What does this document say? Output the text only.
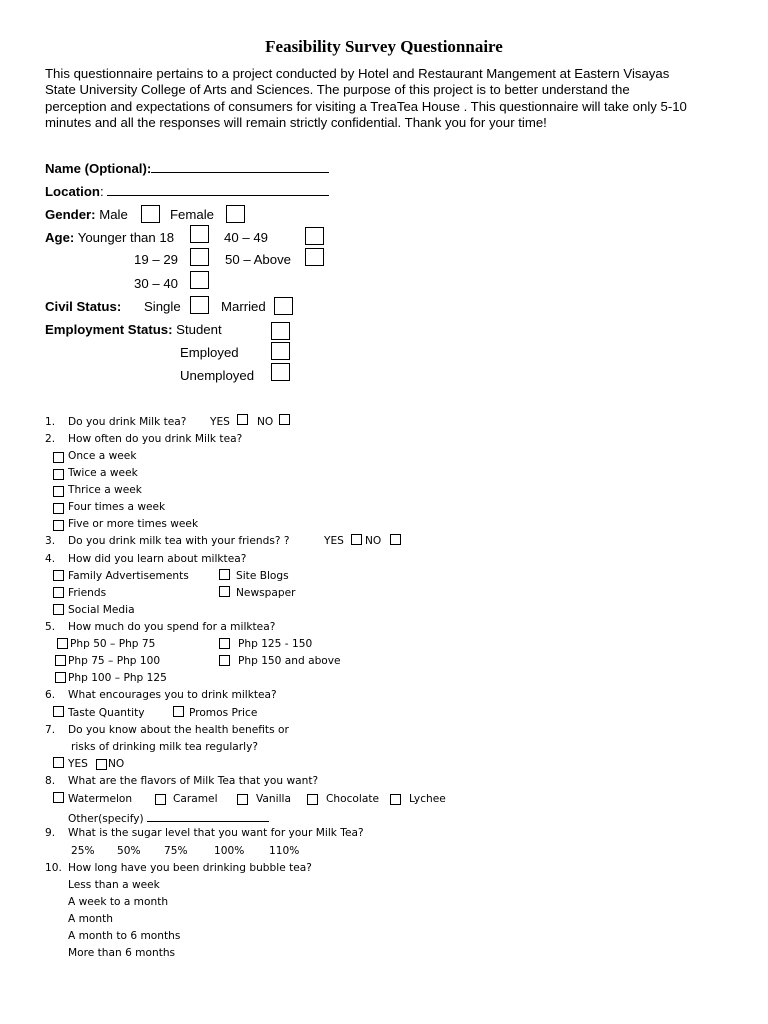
Feasibility Survey Questionnaire
This questionnaire pertains to a project conducted by Hotel and Restaurant Mangement at Eastern Visayas
State University College of Arts and Sciences. The purpose of this project is to better understand the
perception and expectations of consumers for visiting a TreaTea House . This questionnaire will take only 5-10
minutes and all the responses will remain strictly confidential. Thank you for your time!
Name (Optional):
Location:
Gender: Male	Female
Age: Younger than 18	40 – 49
19 – 29	50 – Above
30 – 40
Civil Status: Single	Married
Employment Status: Student
Employed
Unemployed
1. Do you drink Milk tea? YES	NO
2. How often do you drink Milk tea?
Once a week
Twice a week
Thrice a week
Four times a week
Five or more times week
3. Do you drink milk tea with your friends? ?	YES NO
4. How did you learn about milktea?
Family Advertisements	Site Blogs
Friends	Newspaper
Social Media
5. How much do you spend for a milktea?
Php 50 – Php 75	Php 125 - 150
Php 75 – Php 100	Php 150 and above
Php 100 – Php 125
6. What encourages you to drink milktea?
Taste Quantity	Promos Price
7. Do you know about the health benefits or
risks of drinking milk tea regularly?
YES NO
8. What are the flavors of Milk Tea that you want?
Watermelon	Caramel	Vanilla	Chocolate	Lychee
Other(specify)
9. What is the sugar level that you want for your Milk Tea?
25% 50% 75% 100% 110%
10. How long have you been drinking bubble tea?
Less than a week
A week to a month
A month
A month to 6 months
More than 6 months
